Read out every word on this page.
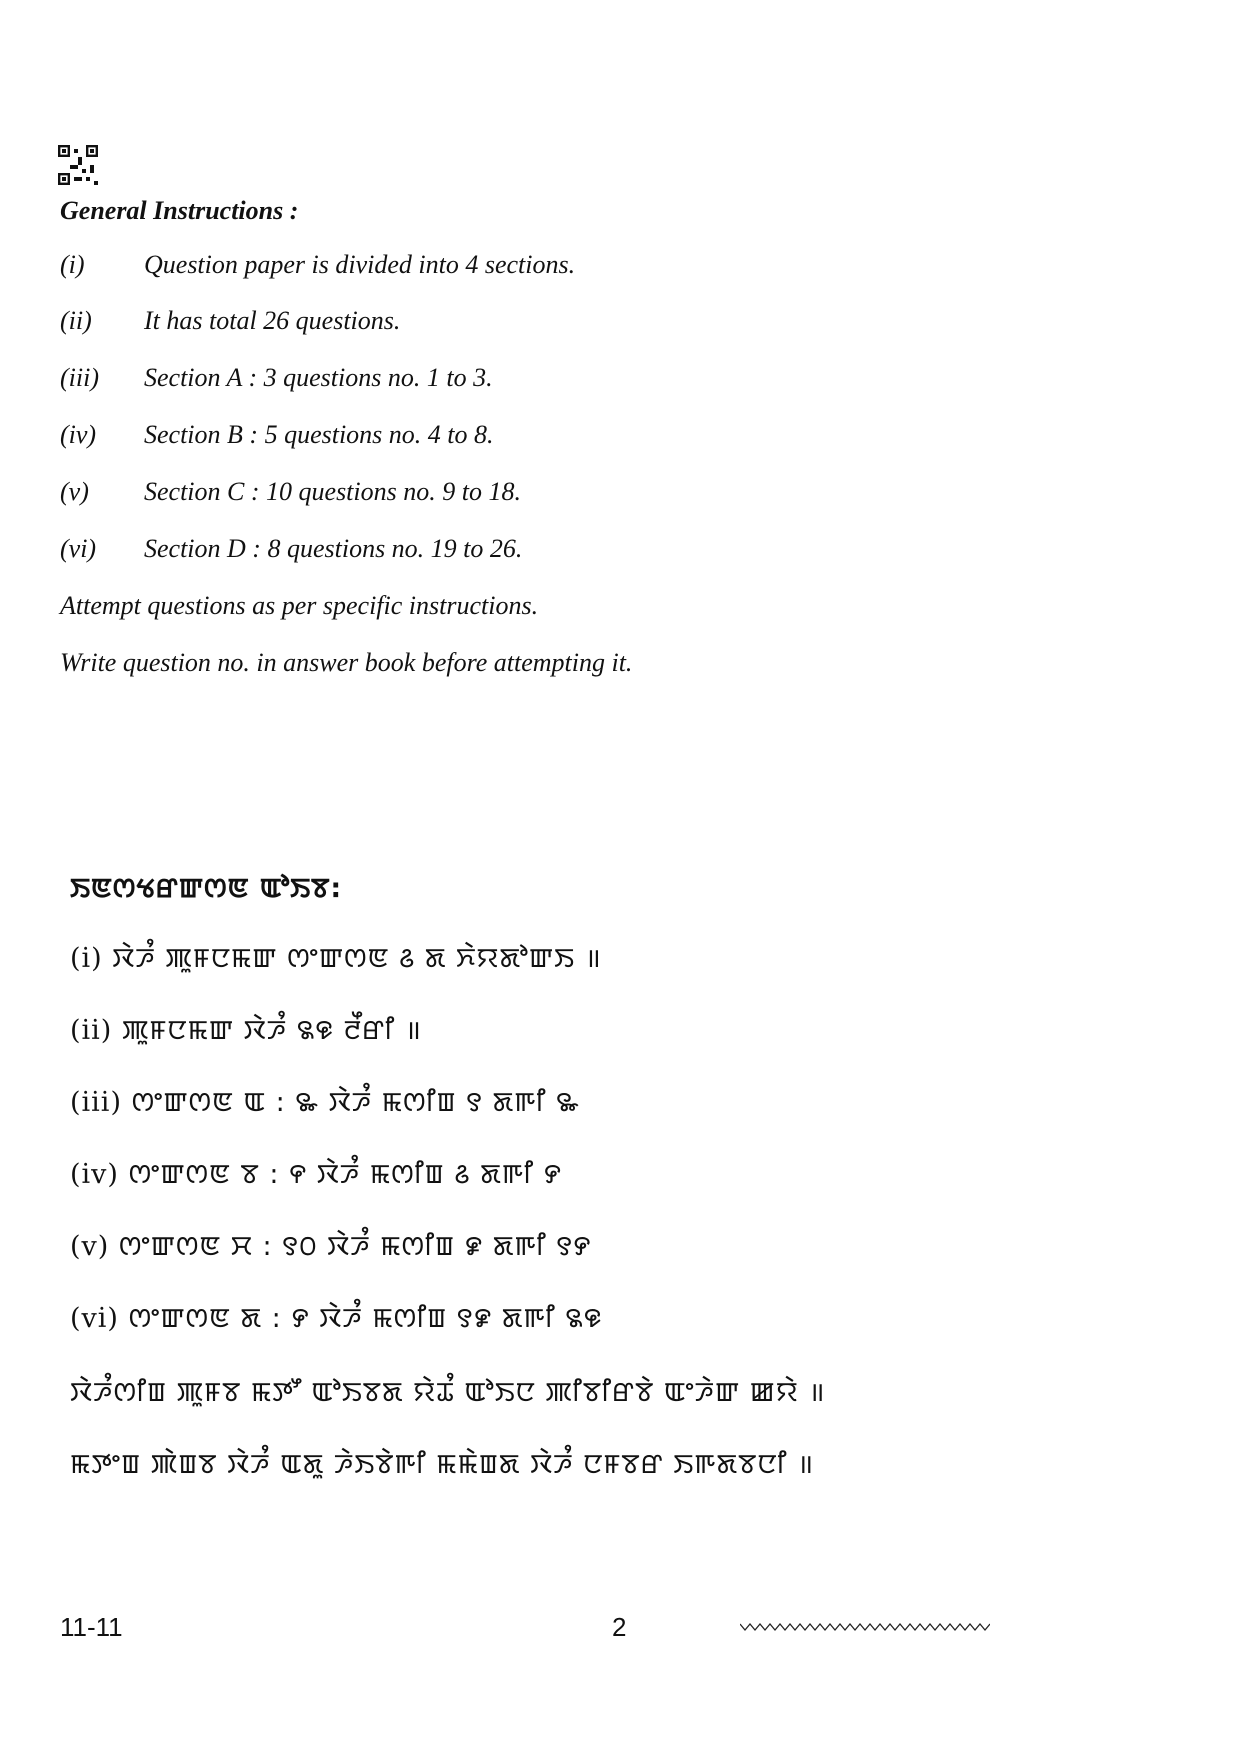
General Instructions :
(i)	Question paper is divided into 4 sections.
(ii)	It has total 26 questions.
(iii)	Section A : 3 questions no. 1 to 3.
(iv)	Section B : 5 questions no. 4 to 8.
(v)	Section C : 10 questions no. 9 to 18.
(vi)	Section D : 8 questions no. 19 to 26.
Attempt questions as per specific instructions.
Write question no. in answer book before attempting it.
ꯏꯟꯁꯠꯔꯛꯁꯟ ꯑꯣꯏꯕ:
(i) ꯋꯥꯍꯪ ꯄꯨꯝꯅꯃꯛ ꯁꯦꯛꯁꯟ ꯴ ꯗ ꯈꯥꯌꯗꯣꯛꯏ ॥
(ii) ꯄꯨꯝꯅꯃꯛ ꯋꯥꯍꯪ ꯲꯶ ꯂꯩꯔꯤ ॥
(iii) ꯁꯦꯛꯁꯟ ꯑ : ꯳ ꯋꯥꯍꯪ ꯃꯁꯤꯡ ꯱ ꯗꯒꯤ ꯳
(iv) ꯁꯦꯛꯁꯟ ꯕ : ꯵ ꯋꯥꯍꯪ ꯃꯁꯤꯡ ꯴ ꯗꯒꯤ ꯸
(v) ꯁꯦꯛꯁꯟ ꯆ : ꯱꯰ ꯋꯥꯍꯪ ꯃꯁꯤꯡ ꯹ ꯗꯒꯤ ꯱꯸
(vi) ꯁꯦꯛꯁꯟ ꯗ : ꯸ ꯋꯥꯍꯪ ꯃꯁꯤꯡ ꯱꯹ ꯗꯒꯤ ꯲꯶
ꯋꯥꯍꯪꯁꯤꯡ ꯄꯨꯝꯕ ꯃꯇꯧ ꯑꯣꯏꯕꯗ ꯌꯥꯊꯪ ꯑꯣꯏꯅ ꯄꯤꯕꯤꯔꯕꯥ ꯑꯦꯍꯥꯛ ꯀꯌꯥ ॥
ꯃꯇꯦꯡ ꯄꯥꯡꯕ ꯋꯥꯍꯪ ꯑꯗꯨ ꯍꯥꯏꯕꯥꯒꯤ ꯃꯃꯥꯡꯗ ꯋꯥꯍꯪ ꯅꯝꯕꯔ ꯏꯒꯗꯕꯅꯤ ॥
11-11	2
